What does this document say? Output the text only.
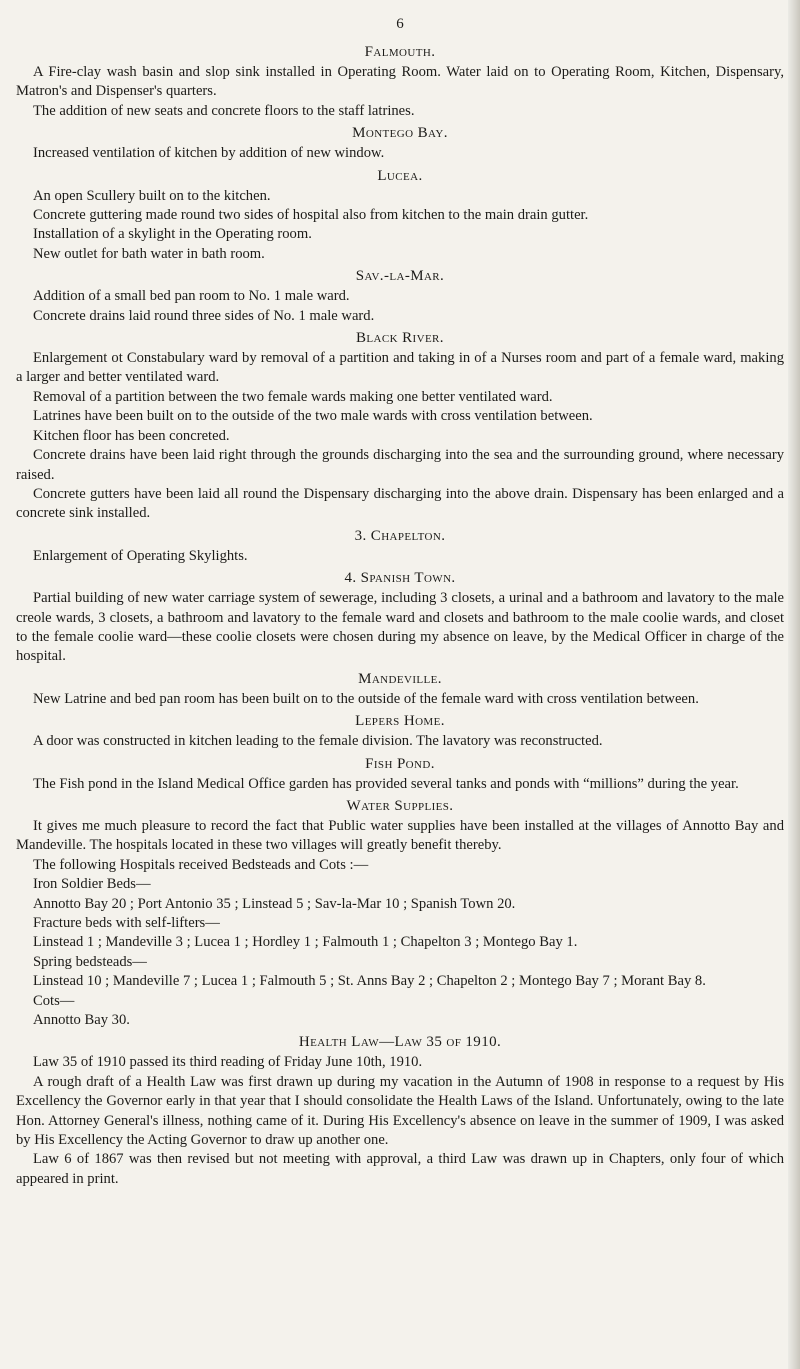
6
Falmouth.

A Fire-clay wash basin and slop sink installed in Operating Room. Water laid on to Operating Room, Kitchen, Dispensary, Matron's and Dispenser's quarters.

The addition of new seats and concrete floors to the staff latrines.

Montego Bay.

Increased ventilation of kitchen by addition of new window.

Lucea.

An open Scullery built on to the kitchen.

Concrete guttering made round two sides of hospital also from kitchen to the main drain gutter.

Installation of a skylight in the Operating room.

New outlet for bath water in bath room.

Sav.-la-Mar.

Addition of a small bed pan room to No. 1 male ward.

Concrete drains laid round three sides of No. 1 male ward.

Black River.

Enlargement ot Constabulary ward by removal of a partition and taking in of a Nurses room and part of a female ward, making a larger and better ventilated ward.

Removal of a partition between the two female wards making one better ventilated ward.

Latrines have been built on to the outside of the two male wards with cross ventilation between.

Kitchen floor has been concreted.

Concrete drains have been laid right through the grounds discharging into the sea and the surrounding ground, where necessary raised.

Concrete gutters have been laid all round the Dispensary discharging into the above drain. Dispensary has been enlarged and a concrete sink installed.

3. Chapelton.

Enlargement of Operating Skylights.

4. Spanish Town.

Partial building of new water carriage system of sewerage, including 3 closets, a urinal and a bathroom and lavatory to the male creole wards, 3 closets, a bathroom and lavatory to the female ward and closets and bathroom to the male coolie wards, and closet to the female coolie ward—these coolie closets were chosen during my absence on leave, by the Medical Officer in charge of the hospital.

Mandeville.

New Latrine and bed pan room has been built on to the outside of the female ward with cross ventilation between.

Lepers Home.

A door was constructed in kitchen leading to the female division. The lavatory was reconstructed.

Fish Pond.

The Fish pond in the Island Medical Office garden has provided several tanks and ponds with “millions” during the year.

Water Supplies.

It gives me much pleasure to record the fact that Public water supplies have been installed at the villages of Annotto Bay and Mandeville. The hospitals located in these two villages will greatly benefit thereby.

The following Hospitals received Bedsteads and Cots :—

Iron Soldier Beds—

Annotto Bay 20 ; Port Antonio 35 ; Linstead 5 ; Sav-la-Mar 10 ; Spanish Town 20.

Fracture beds with self-lifters—

Linstead 1 ; Mandeville 3 ; Lucea 1 ; Hordley 1 ; Falmouth 1 ; Chapelton 3 ; Montego Bay 1.

Spring bedsteads—

Linstead 10 ; Mandeville 7 ; Lucea 1 ; Falmouth 5 ; St. Anns Bay 2 ; Chapelton 2 ; Montego Bay 7 ; Morant Bay 8.

Cots—

Annotto Bay 30.

Health Law—Law 35 of 1910.

Law 35 of 1910 passed its third reading of Friday June 10th, 1910.

A rough draft of a Health Law was first drawn up during my vacation in the Autumn of 1908 in response to a request by His Excellency the Governor early in that year that I should consolidate the Health Laws of the Island. Unfortunately, owing to the late Hon. Attorney General's illness, nothing came of it. During His Excellency's absence on leave in the summer of 1909, I was asked by His Excellency the Acting Governor to draw up another one.

Law 6 of 1867 was then revised but not meeting with approval, a third Law was drawn up in Chapters, only four of which appeared in print.
